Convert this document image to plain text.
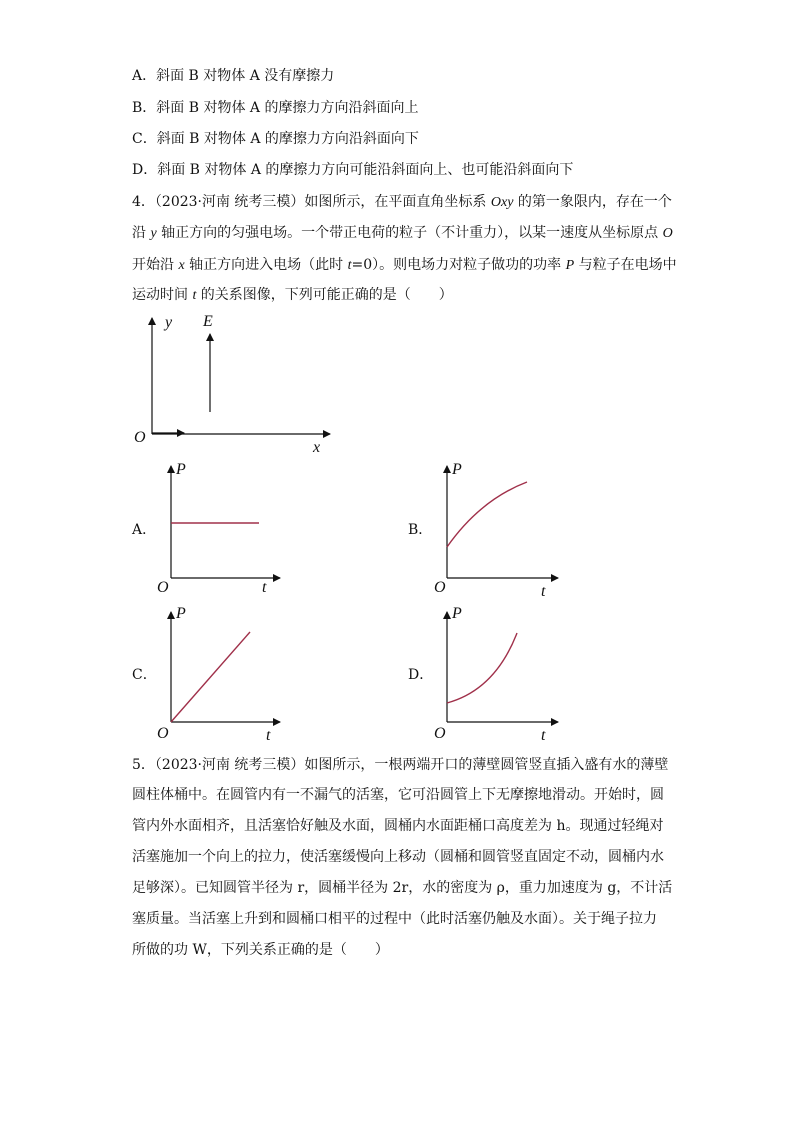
A．斜面 B 对物体 A 没有摩擦力
B．斜面 B 对物体 A 的摩擦力方向沿斜面向上
C．斜面 B 对物体 A 的摩擦力方向沿斜面向下
D．斜面 B 对物体 A 的摩擦力方向可能沿斜面向上、也可能沿斜面向下
4．（2023·河南 统考三模）如图所示，在平面直角坐标系 Oxy 的第一象限内，存在一个
沿 y 轴正方向的匀强电场。一个带正电荷的粒子（不计重力），以某一速度从坐标原点 O
开始沿 x 轴正方向进入电场（此时 t=0）。则电场力对粒子做功的功率 P 与粒子在电场中
运动时间 t 的关系图像，下列可能正确的是（　　）
y E
O
x
A．
P
O	t
B．
P
O	t
C．
P
O	t
D．
P
O	t
5．（2023·河南 统考三模）如图所示，一根两端开口的薄壁圆管竖直插入盛有水的薄壁
圆柱体桶中。在圆管内有一不漏气的活塞，它可沿圆管上下无摩擦地滑动。开始时，圆
管内外水面相齐，且活塞恰好触及水面，圆桶内水面距桶口高度差为 h。现通过轻绳对
活塞施加一个向上的拉力，使活塞缓慢向上移动（圆桶和圆管竖直固定不动，圆桶内水
足够深）。已知圆管半径为 r，圆桶半径为 2r，水的密度为 ρ，重力加速度为 g，不计活
塞质量。当活塞上升到和圆桶口相平的过程中（此时活塞仍触及水面）。关于绳子拉力
所做的功 W，下列关系正确的是（　　）
